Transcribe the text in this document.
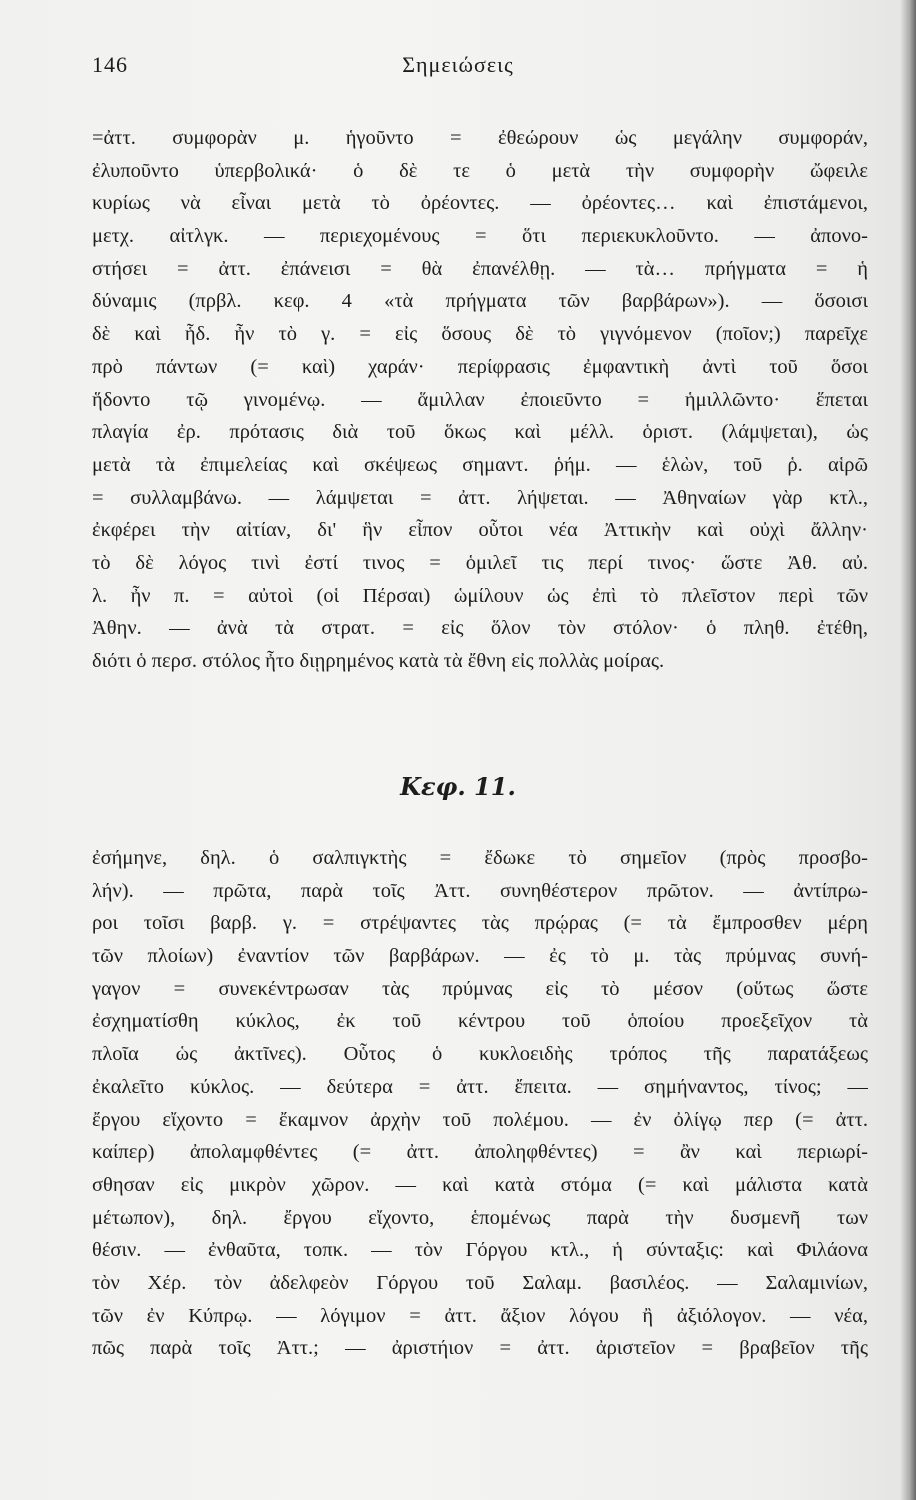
146	Σημειώσεις
=ἀττ. συμφορὰν μ. ἡγοῦντο = ἐθεώρουν ὡς μεγάλην συμφοράν,
ἐλυποῦντο ὑπερβολικά· ὁ δὲ τε ὁ μετὰ τὴν συμφορὴν ὤφειλε
κυρίως νὰ εἶναι μετὰ τὸ ὀρέοντες. — ὀρέοντες… καὶ ἐπιστάμενοι,
μετχ. αἰτλγκ. — περιεχομένους = ὅτι περιεκυκλοῦντο. — ἀπονο-
στήσει = ἀττ. ἐπάνεισι = θὰ ἐπανέλθῃ. — τὰ… πρήγματα = ἡ
δύναμις (πρβλ. κεφ. 4 «τὰ πρήγματα τῶν βαρβάρων»). — ὅσοισι
δὲ καὶ ἧδ. ἦν τὸ γ. = εἰς ὅσους δὲ τὸ γιγνόμενον (ποῖον;) παρεῖχε
πρὸ πάντων (= καὶ) χαράν· περίφρασις ἐμφαντικὴ ἀντὶ τοῦ ὅσοι
ἥδοντο τῷ γινομένῳ. — ἅμιλλαν ἐποιεῦντο = ἡμιλλῶντο· ἕπεται
πλαγία ἐρ. πρότασις διὰ τοῦ ὅκως καὶ μέλλ. ὁριστ. (λάμψεται), ὡς
μετὰ τὰ ἐπιμελείας καὶ σκέψεως σημαντ. ῥήμ. — ἑλὼν, τοῦ ῥ. αἱρῶ
= συλλαμβάνω. — λάμψεται = ἀττ. λήψεται. — Ἀθηναίων γὰρ κτλ.,
ἐκφέρει τὴν αἰτίαν, δι' ἣν εἶπον οὗτοι νέα Ἀττικὴν καὶ οὐχὶ ἄλλην·
τὸ δὲ λόγος τινὶ ἐστί τινος = ὁμιλεῖ τις περί τινος· ὥστε Ἀθ. αὐ.
λ. ἦν π. = αὐτοὶ (οἱ Πέρσαι) ὡμίλουν ὡς ἐπὶ τὸ πλεῖστον περὶ τῶν
Ἀθην. — ἀνὰ τὰ στρατ. = εἰς ὅλον τὸν στόλον· ὁ πληθ. ἐτέθη,
διότι ὁ περσ. στόλος ἦτο διῃρημένος κατὰ τὰ ἔθνη εἰς πολλὰς μοίρας.
Κεφ. 11.
ἐσήμηνε, δηλ. ὁ σαλπιγκτὴς = ἔδωκε τὸ σημεῖον (πρὸς προσβο-
λήν). — πρῶτα, παρὰ τοῖς Ἀττ. συνηθέστερον πρῶτον. — ἀντίπρω-
ροι τοῖσι βαρβ. γ. = στρέψαντες τὰς πρῴρας (= τὰ ἔμπροσθεν μέρη
τῶν πλοίων) ἐναντίον τῶν βαρβάρων. — ἐς τὸ μ. τὰς πρύμνας συνή-
γαγον = συνεκέντρωσαν τὰς πρύμνας εἰς τὸ μέσον (οὕτως ὥστε
ἐσχηματίσθη κύκλος, ἐκ τοῦ κέντρου τοῦ ὁποίου προεξεῖχον τὰ
πλοῖα ὡς ἀκτῖνες). Οὗτος ὁ κυκλοειδὴς τρόπος τῆς παρατάξεως
ἐκαλεῖτο κύκλος. — δεύτερα = ἀττ. ἔπειτα. — σημήναντος, τίνος; —
ἔργου εἴχοντο = ἔκαμνον ἀρχὴν τοῦ πολέμου. — ἐν ὀλίγῳ περ (= ἀττ.
καίπερ) ἀπολαμφθέντες (= ἀττ. ἀποληφθέντες) = ἂν καὶ περιωρί-
σθησαν εἰς μικρὸν χῶρον. — καὶ κατὰ στόμα (= καὶ μάλιστα κατὰ
μέτωπον), δηλ. ἔργου εἴχοντο, ἑπομένως παρὰ τὴν δυσμενῆ των
θέσιν. — ἐνθαῦτα, τοπκ. — τὸν Γόργου κτλ., ἡ σύνταξις: καὶ Φιλάονα
τὸν Χέρ. τὸν ἀδελφεὸν Γόργου τοῦ Σαλαμ. βασιλέος. — Σαλαμινίων,
τῶν ἐν Κύπρῳ. — λόγιμον = ἀττ. ἄξιον λόγου ἢ ἀξιόλογον. — νέα,
πῶς παρὰ τοῖς Ἀττ.; — ἀριστήιον = ἀττ. ἀριστεῖον = βραβεῖον τῆς
